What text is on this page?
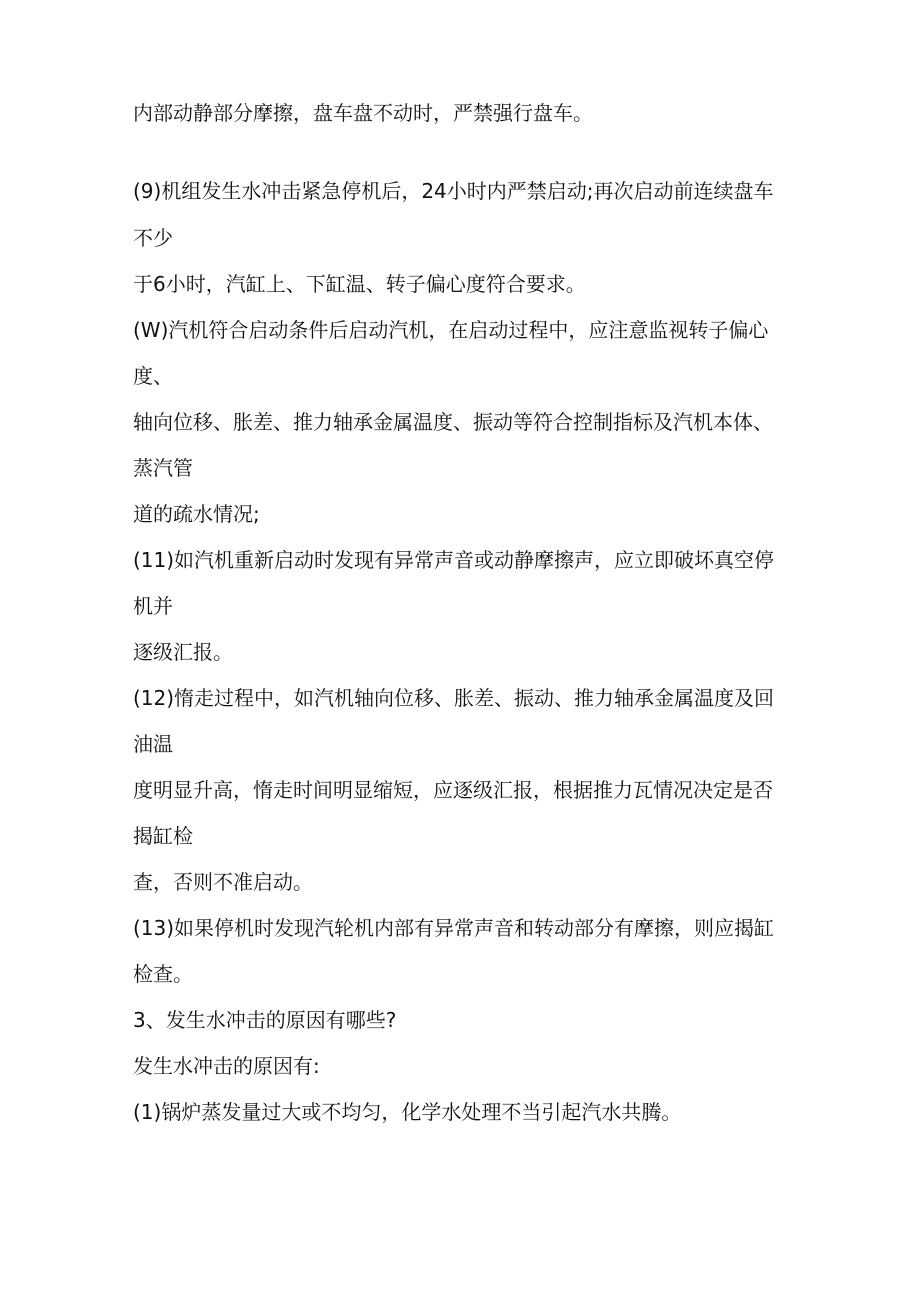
内部动静部分摩擦，盘车盘不动时，严禁强行盘车。

(9)机组发生水冲击紧急停机后，24小时内严禁启动;再次启动前连续盘车

不少

于6小时，汽缸上、下缸温、转子偏心度符合要求。

(W)汽机符合启动条件后启动汽机，在启动过程中，应注意监视转子偏心

度、

轴向位移、胀差、推力轴承金属温度、振动等符合控制指标及汽机本体、

蒸汽管

道的疏水情况;

(11)如汽机重新启动时发现有异常声音或动静摩擦声，应立即破坏真空停

机并

逐级汇报。

(12)惰走过程中，如汽机轴向位移、胀差、振动、推力轴承金属温度及回

油温

度明显升高，惰走时间明显缩短，应逐级汇报，根据推力瓦情况决定是否

揭缸检

查，否则不准启动。

(13)如果停机时发现汽轮机内部有异常声音和转动部分有摩擦，则应揭缸

检查。

3、发生水冲击的原因有哪些?

发生水冲击的原因有:

(1)锅炉蒸发量过大或不均匀，化学水处理不当引起汽水共腾。
